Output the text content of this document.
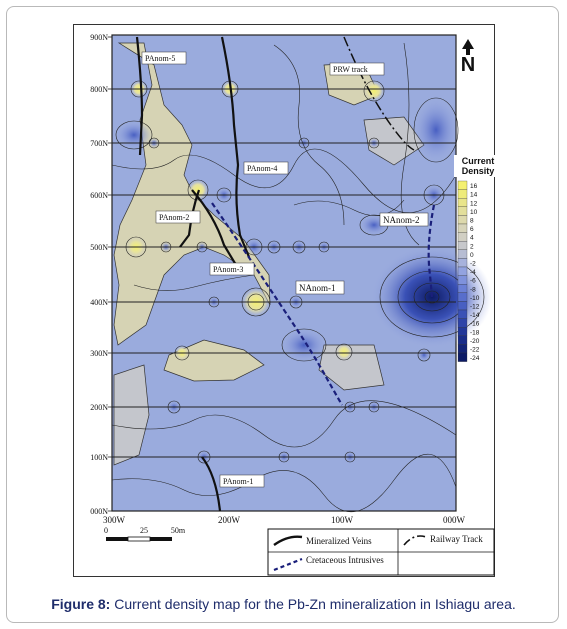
PAnom-5
PRW track
PAnom-4
PAnom-2
PAnom-3
NAnom-1
NAnom-2
PAnom-1
900N
800N
700N
600N
500N
400N
300N
200N
100N
000N
300W	200W	100W	000W
N
Current
Density
16
14
12
10
8
6
4
2
0
-2
-4
-6
-8
-10
-12
-14
-16
-18
-20
-22
-24
0	25	50m
Mineralized Veins	Railway Track
Cretaceous Intrusives
Figure 8: Current density map for the Pb-Zn mineralization in Ishiagu area.
